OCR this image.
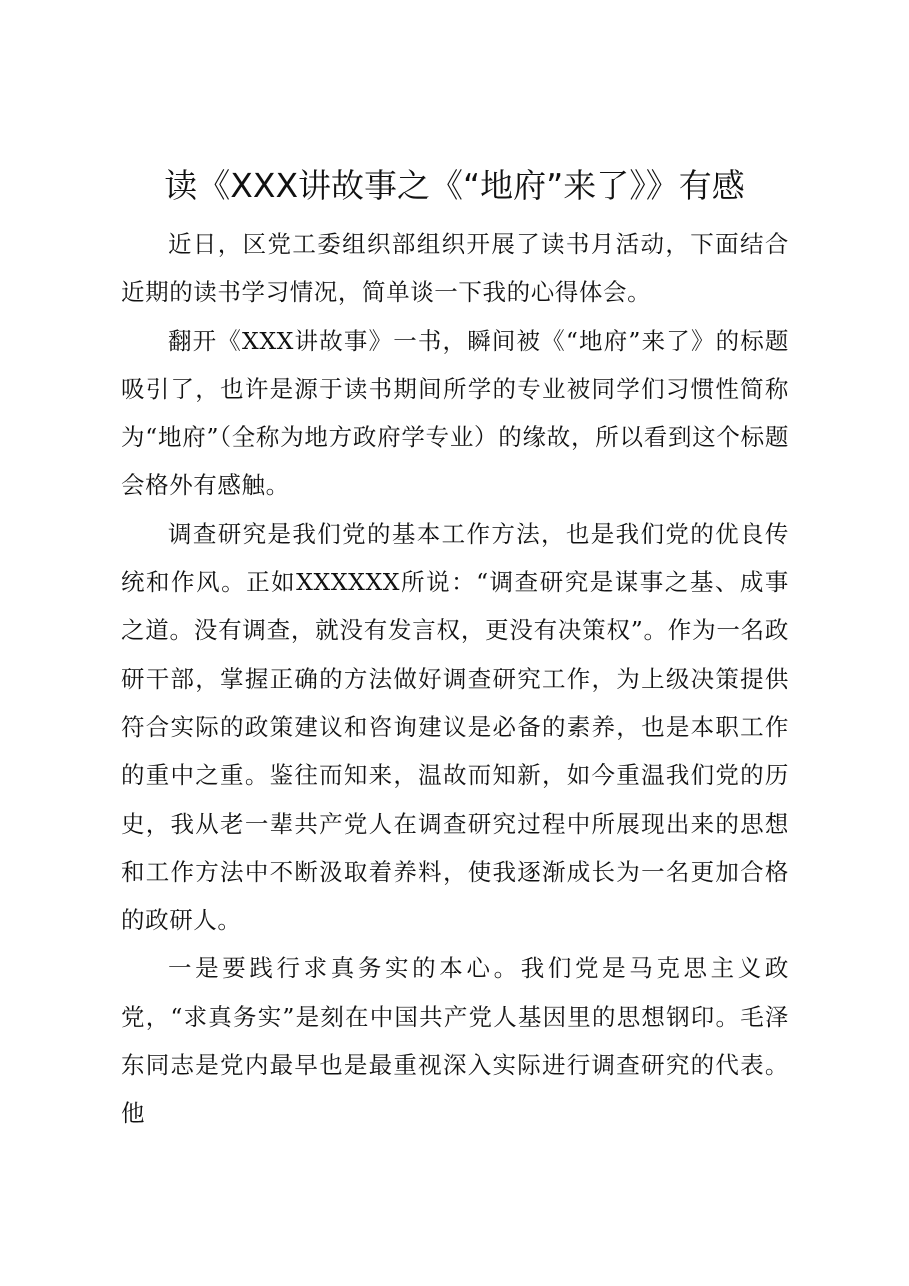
读《XXX讲故事之《“地府”来了》》有感

近日，区党工委组织部组织开展了读书月活动，下面结合近期的读书学习情况，简单谈一下我的心得体会。

翻开《XXX讲故事》一书，瞬间被《“地府”来了》的标题吸引了，也许是源于读书期间所学的专业被同学们习惯性简称为“地府”（全称为地方政府学专业）的缘故，所以看到这个标题会格外有感触。

调查研究是我们党的基本工作方法，也是我们党的优良传统和作风。正如XXXXXX所说：“调查研究是谋事之基、成事之道。没有调查，就没有发言权，更没有决策权”。作为一名政研干部，掌握正确的方法做好调查研究工作，为上级决策提供符合实际的政策建议和咨询建议是必备的素养，也是本职工作的重中之重。鉴往而知来，温故而知新，如今重温我们党的历史，我从老一辈共产党人在调查研究过程中所展现出来的思想和工作方法中不断汲取着养料，使我逐渐成长为一名更加合格的政研人。

一是要践行求真务实的本心。我们党是马克思主义政党，“求真务实”是刻在中国共产党人基因里的思想钢印。毛泽东同志是党内最早也是最重视深入实际进行调查研究的代表。他
